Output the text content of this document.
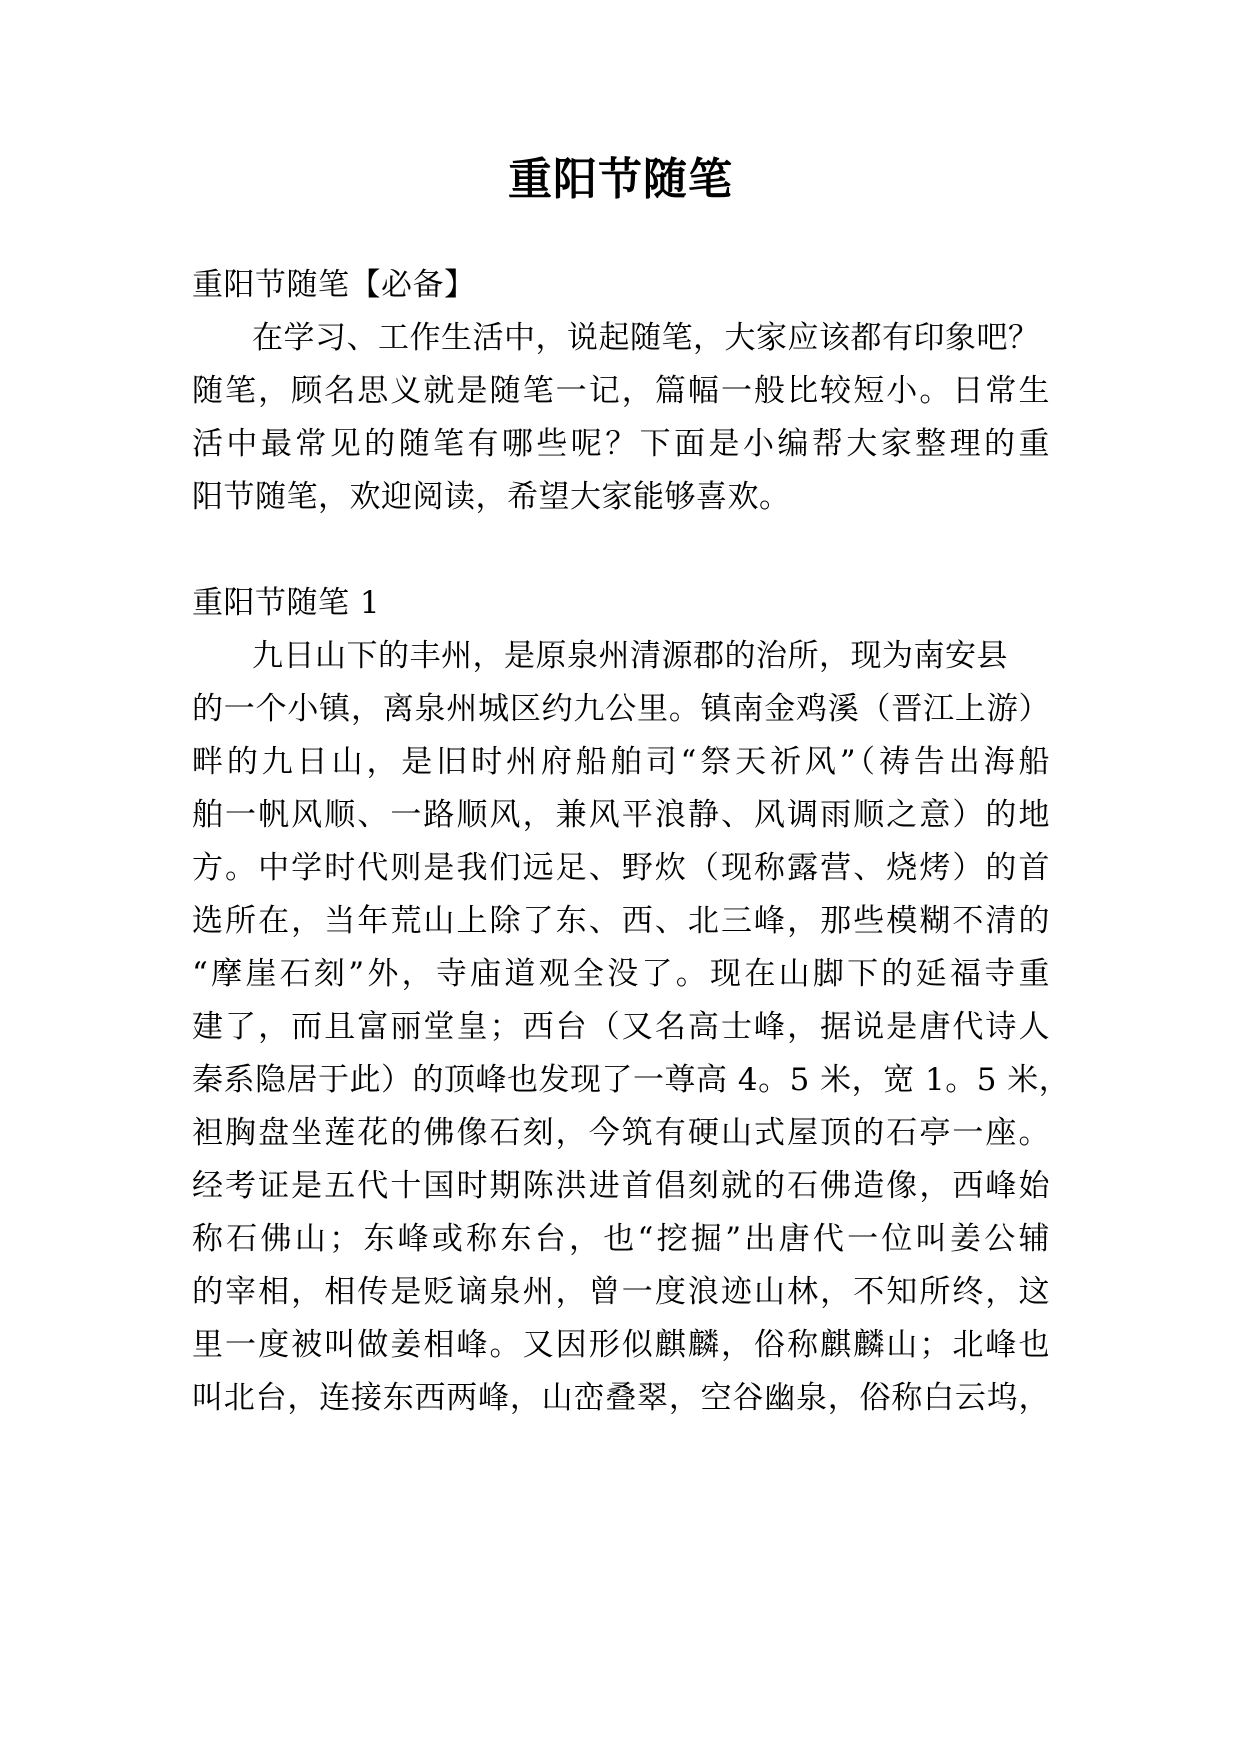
重阳节随笔
重阳节随笔【必备】
在学习、工作生活中，说起随笔，大家应该都有印象吧？
随笔，顾名思义就是随笔一记，篇幅一般比较短小。日常生
活中最常见的随笔有哪些呢？下面是小编帮大家整理的重
阳节随笔，欢迎阅读，希望大家能够喜欢。
重阳节随笔 1
九日山下的丰州，是原泉州清源郡的治所，现为南安县
的一个小镇，离泉州城区约九公里。镇南金鸡溪（晋江上游）
畔的九日山，是旧时州府船舶司“祭天祈风”（祷告出海船
舶一帆风顺、一路顺风，兼风平浪静、风调雨顺之意）的地
方。中学时代则是我们远足、野炊（现称露营、烧烤）的首
选所在，当年荒山上除了东、西、北三峰，那些模糊不清的
“摩崖石刻”外，寺庙道观全没了。现在山脚下的延福寺重
建了，而且富丽堂皇；西台（又名高士峰，据说是唐代诗人
秦系隐居于此）的顶峰也发现了一尊高 4。5 米，宽 1。5 米，
袒胸盘坐莲花的佛像石刻，今筑有硬山式屋顶的石亭一座。
经考证是五代十国时期陈洪进首倡刻就的石佛造像，西峰始
称石佛山；东峰或称东台，也“挖掘”出唐代一位叫姜公辅
的宰相，相传是贬谪泉州，曾一度浪迹山林，不知所终，这
里一度被叫做姜相峰。又因形似麒麟，俗称麒麟山；北峰也
叫北台，连接东西两峰，山峦叠翠，空谷幽泉，俗称白云坞，
